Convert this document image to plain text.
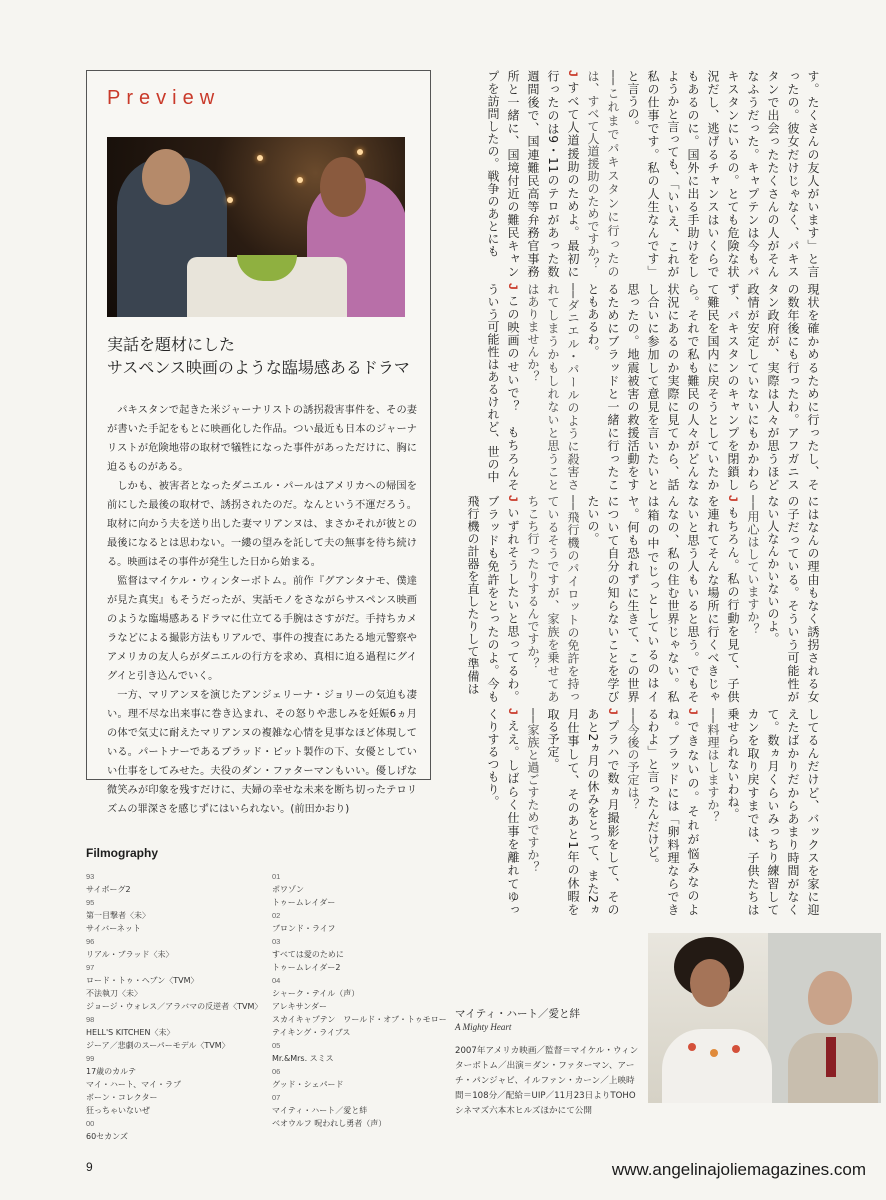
Preview
実話を題材にした
サスペンス映画のような臨場感あるドラマ

パキスタンで起きた米ジャーナリストの誘拐殺害事件を、その妻が書いた手記をもとに映画化した作品。つい最近も日本のジャーナリストが危険地帯の取材で犠牲になった事件があっただけに、胸に迫るものがある。

しかも、被害者となったダニエル・パールはアメリカへの帰国を前にした最後の取材で、誘拐されたのだ。なんという不運だろう。取材に向かう夫を送り出した妻マリアンヌは、まさかそれが彼との最後になるとは思わない。一縷の望みを託して夫の無事を待ち続ける。映画はその事件が発生した日から始まる。

監督はマイケル・ウィンターボトム。前作『グアンタナモ、僕達が見た真実』もそうだったが、実話モノをさながらサスペンス映画のような臨場感あるドラマに仕立てる手腕はさすがだ。手持ちカメラなどによる撮影方法もリアルで、事件の捜査にあたる地元警察やアメリカの友人らがダニエルの行方を求め、真相に迫る過程にグイグイと引き込んでいく。

一方、マリアンヌを演じたアンジェリーナ・ジョリーの気迫も凄い。理不尽な出来事に巻き込まれ、その怒りや悲しみを妊娠6ヵ月の体で気丈に耐えたマリアンヌの複雑な心情を見事なほど体現している。パートナーであるブラッド・ピット製作の下、女優としていい仕事をしてみせた。夫役のダン・ファターマンもいい。優しげな微笑みが印象を残すだけに、夫婦の幸せな未来を断ち切ったテロリズムの罪深さを感じずにはいられない。(前田かおり)

Filmography
93
サイボーグ2
95
第一目撃者〈未〉
サイバーネット
96
リアル・ブラッド〈未〉
97
ロード・トゥ・ヘブン〈TVM〉
不法執刀〈未〉
ジョージ・ウォレス／アラバマの反逆者〈TVM〉
98
HELL'S KITCHEN〈未〉
ジーア／悲劇のスーパーモデル〈TVM〉
99
17歳のカルテ
マイ・ハート、マイ・ラブ
ボーン・コレクター
狂っちゃいないぜ
00
60セカンズ
01
ポワゾン
トゥームレイダー
02
ブロンド・ライフ
03
すべては愛のために
トゥームレイダー2
04
シャーク・テイル（声）
アレキサンダー
スカイキャプテン　ワールド・オブ・トゥモロー
テイキング・ライブス
05
Mr.&Mrs. スミス
06
グッド・シェパード
07
マイティ・ハート／愛と絆
ベオウルフ 呪われし勇者（声）

す。たくさんの友人がいます」と言ったの。彼女だけじゃなく、パキスタンで出会ったたくさんの人がそんなふうだった。キャプテンは今もパキスタンにいるの。とても危険な状況だし、逃げるチャンスはいくらでもあるのに。国外に出る手助けをしようかと言っても、「いいえ、これが私の仕事です。私の人生なんです」と言うの。

──これまでパキスタンに行ったのは、すべて人道援助のためですか？

J すべて人道援助のためよ。最初に行ったのは9・11のテロがあった数週間後で、国連難民高等弁務官事務所と一緒に、国境付近の難民キャンプを訪問したの。戦争のあとにも

現状を確かめるために行ったし、その数年後にも行ったわ。アフガニスタン政府が、実際は人々が思うほど政情が安定していないにもかかわらず、パキスタンのキャンプを閉鎖して難民を国内に戻そうとしていたから。それで私も難民の人々がどんな状況にあるのか実際に見てから、話し合いに参加して意見を言いたいと思ったの。地震被害の救援活動をするためにブラッドと一緒に行ったこともあるわ。

──ダニエル・パールのように殺害されてしまうかもしれないと思うことはありませんか？

J この映画のせいで？　もちろんそういう可能性はあるけれど、世の中

にはなんの理由もなく誘拐される女の子だっている。そういう可能性がない人なんかいないのよ。

──用心はしていますか？

J もちろん。私の行動を見て、子供を連れてそんな場所に行くべきじゃないと思う人もいると思う。でもそんなの、私の住む世界じゃない。私は箱の中でじっとしているのはイヤ。何も恐れずに生きて、この世界について自分の知らないことを学びたいの。

──飛行機のパイロットの免許を持っているそうですが、家族を乗せてあちこち行ったりするんですか？

J いずれそうしたいと思ってるわ。ブラッドも免許をとったのよ。今も飛行機の計器を直したりして準備は

してるんだけど、バックスを家に迎えたばかりだからあまり時間がなくて。数ヵ月くらいみっちり練習してカンを取り戻すまでは、子供たちは乗せられないわね。

──料理はしますか？

J できないの。それが悩みなのよね。ブラッドには「卵料理ならできるわよ」と言ったんだけど。

──今後の予定は？

J プラハで数ヵ月撮影をして、そのあと2ヵ月の休みをとって、また2ヵ月仕事して、そのあと1年の休暇を取る予定。

──家族と過ごすためですか？

J ええ。しばらく仕事を離れてゆっくりするつもり。

マイティ・ハート／愛と絆
A Mighty Heart
2007年アメリカ映画／監督＝マイケル・ウィンターボトム／出演＝ダン・ファターマン、アーチ・パンジャビ、イルファン・カーン／上映時間＝108分／配給＝UIP／11月23日よりTOHOシネマズ六本木ヒルズほかにて公開
9	www.angelinajoliemagazines.com
